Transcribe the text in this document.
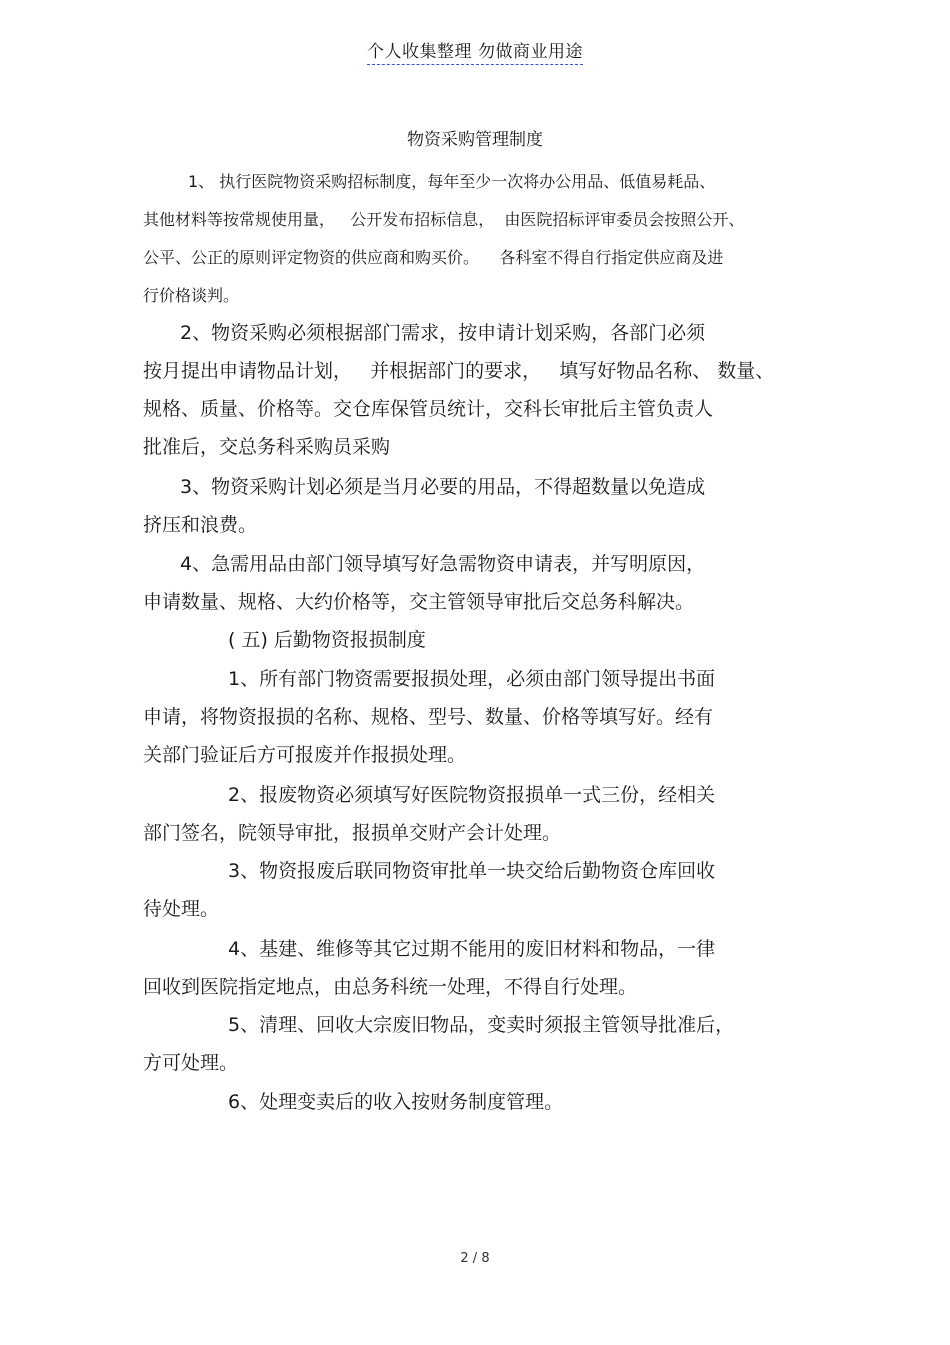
个人收集整理 勿做商业用途
物资采购管理制度
1、 执行医院物资采购招标制度，每年至少一次将办公用品、低值易耗品、
其他材料等按常规使用量，   公开发布招标信息，  由医院招标评审委员会按照公开、
公平、公正的原则评定物资的供应商和购买价。    各科室不得自行指定供应商及进
行价格谈判。
2、物资采购必须根据部门需求，按申请计划采购，各部门必须
按月提出申请物品计划，   并根据部门的要求，   填写好物品名称、 数量、
规格、质量、价格等。交仓库保管员统计，交科长审批后主管负责人
批准后，交总务科采购员采购
3、物资采购计划必须是当月必要的用品，不得超数量以免造成
挤压和浪费。
4、急需用品由部门领导填写好急需物资申请表，并写明原因，
申请数量、规格、大约价格等，交主管领导审批后交总务科解决。
( 五) 后勤物资报损制度
1、所有部门物资需要报损处理，必须由部门领导提出书面
申请，将物资报损的名称、规格、型号、数量、价格等填写好。经有
关部门验证后方可报废并作报损处理。
2、报废物资必须填写好医院物资报损单一式三份，经相关
部门签名，院领导审批，报损单交财产会计处理。
3、物资报废后联同物资审批单一块交给后勤物资仓库回收
待处理。
4、基建、维修等其它过期不能用的废旧材料和物品，一律
回收到医院指定地点，由总务科统一处理，不得自行处理。
5、清理、回收大宗废旧物品，变卖时须报主管领导批准后，
方可处理。
6、处理变卖后的收入按财务制度管理。
2 / 8
